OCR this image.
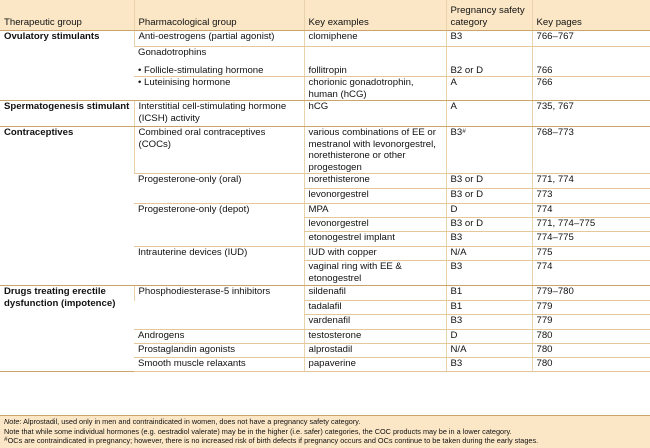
Therapeutic group	Pharmacological group	Key examples	Pregnancy safety category	Key pages
Ovulatory stimulants	Anti-oestrogens (partial agonist)	clomiphene	B3	766–767
	Gonadotrophins			
	• Follicle-stimulating hormone	follitropin	B2 or D	766
	• Luteinising hormone	chorionic gonadotrophin, human (hCG)	A	766
Spermatogenesis stimulant	Interstitial cell-stimulating hormone (ICSH) activity	hCG	A	735, 767
Contraceptives	Combined oral contraceptives (COCs)	various combinations of EE or mestranol with levonorgestrel, norethisterone or other progestogen	B3#	768–773
	Progesterone-only (oral)	norethisterone	B3 or D	771, 774
		levonorgestrel	B3 or D	773
	Progesterone-only (depot)	MPA	D	774
		levonorgestrel	B3 or D	771, 774–775
		etonogestrel implant	B3	774–775
	Intrauterine devices (IUD)	IUD with copper	N/A	775
		vaginal ring with EE & etonogestrel	B3	774
Drugs treating erectile dysfunction (impotence)	Phosphodiesterase-5 inhibitors	sildenafil	B1	779–780
		tadalafil	B1	779
		vardenafil	B3	779
	Androgens	testosterone	D	780
	Prostaglandin agonists	alprostadil	N/A	780
	Smooth muscle relaxants	papaverine	B3	780
Note: Alprostadil, used only in men and contraindicated in women, does not have a pregnancy safety category.
Note that while some individual hormones (e.g. oestradiol valerate) may be in the higher (i.e. safer) categories, the COC products may be in a lower category.
#OCs are contraindicated in pregnancy; however, there is no increased risk of birth defects if pregnancy occurs and OCs continue to be taken during the early stages.
